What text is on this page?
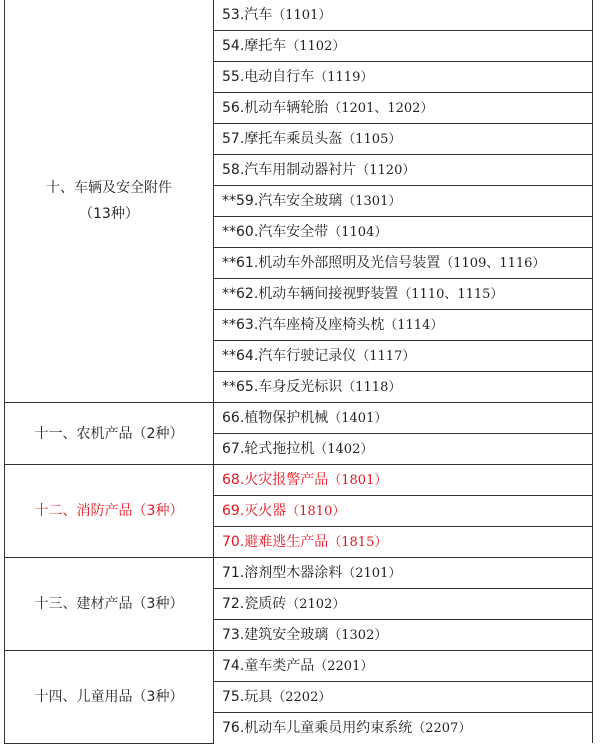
十、车辆及安全附件
（13种）	53.汽车（1101）
	54.摩托车（1102）
	55.电动自行车（1119）
	56.机动车辆轮胎（1201、1202）
	57.摩托车乘员头盔（1105）
	58.汽车用制动器衬片（1120）
	**59.汽车安全玻璃（1301）
	**60.汽车安全带（1104）
	**61.机动车外部照明及光信号装置（1109、1116）
	**62.机动车辆间接视野装置（1110、1115）
	**63.汽车座椅及座椅头枕（1114）
	**64.汽车行驶记录仪（1117）
	**65.车身反光标识（1118）
十一、农机产品（2种）	66.植物保护机械（1401）
	67.轮式拖拉机（1402）
十二、消防产品（3种）	68.火灾报警产品（1801）
	69.灭火器（1810）
	70.避难逃生产品（1815）
十三、建材产品（3种）	71.溶剂型木器涂料（2101）
	72.瓷质砖（2102）
	73.建筑安全玻璃（1302）
十四、儿童用品（3种）	74.童车类产品（2201）
	75.玩具（2202）
	76.机动车儿童乘员用约束系统（2207）
